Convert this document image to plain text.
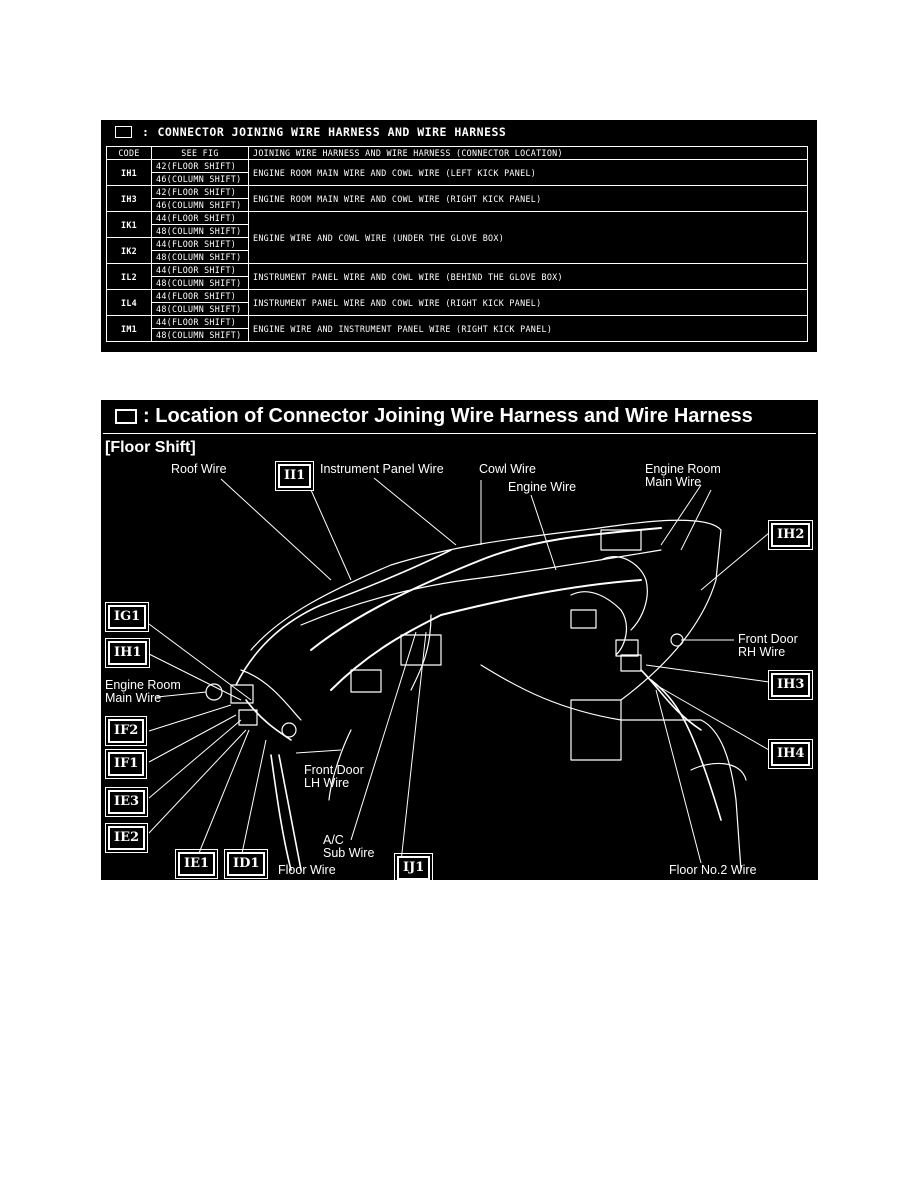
: CONNECTOR JOINING WIRE HARNESS AND WIRE HARNESS
CODE	SEE FIG	JOINING WIRE HARNESS AND WIRE HARNESS (CONNECTOR LOCATION)
IH1	42(FLOOR SHIFT)	ENGINE ROOM MAIN WIRE AND COWL WIRE (LEFT KICK PANEL)
	46(COLUMN SHIFT)	
IH3	42(FLOOR SHIFT)	ENGINE ROOM MAIN WIRE AND COWL WIRE (RIGHT KICK PANEL)
	46(COLUMN SHIFT)	
IK1	44(FLOOR SHIFT)	ENGINE WIRE AND COWL WIRE (UNDER THE GLOVE BOX)
	48(COLUMN SHIFT)	
IK2	44(FLOOR SHIFT)	
	48(COLUMN SHIFT)	
IL2	44(FLOOR SHIFT)	INSTRUMENT PANEL WIRE AND COWL WIRE (BEHIND THE GLOVE BOX)
	48(COLUMN SHIFT)	
IL4	44(FLOOR SHIFT)	INSTRUMENT PANEL WIRE AND COWL WIRE (RIGHT KICK PANEL)
	48(COLUMN SHIFT)	
IM1	44(FLOOR SHIFT)	ENGINE WIRE AND INSTRUMENT PANEL WIRE (RIGHT KICK PANEL)
	48(COLUMN SHIFT)	
:
Location of Connector Joining Wire Harness and Wire Harness
[Floor Shift]
Roof Wire	Instrument Panel Wire	Cowl Wire
Engine Wire
Engine Room
Main Wire
Front Door
RH Wire
Engine Room
Main Wire
Front Door
LH Wire
A/C
Sub Wire
Floor Wire	Floor No.2 Wire
II1
IH2
IG1
IH1
IH3
IF2
IF1
IH4
IE3
IE2
IE1	ID1	IJ1
